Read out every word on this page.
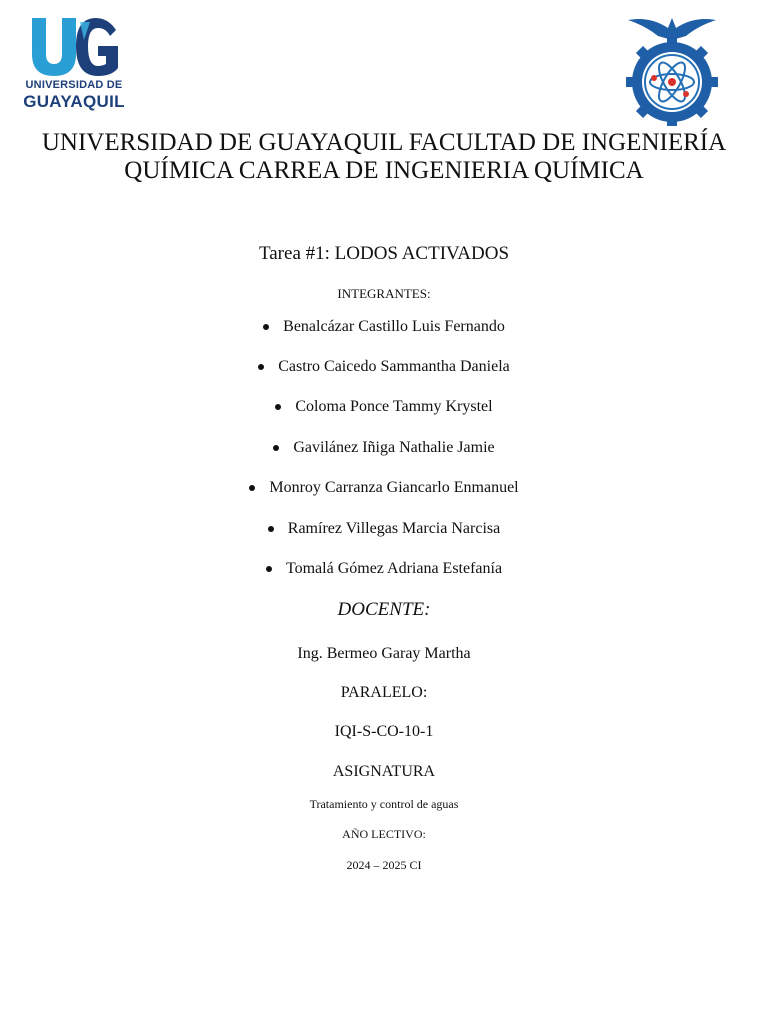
UNIVERSIDAD DE
GUAYAQUIL
UNIVERSIDAD DE GUAYAQUIL FACULTAD DE INGENIERÍA QUÍMICA CARREA DE INGENIERIA QUÍMICA
Tarea #1: LODOS ACTIVADOS
INTEGRANTES:
Benalcázar Castillo Luis Fernando
Castro Caicedo Sammantha Daniela
Coloma Ponce Tammy Krystel
Gavilánez Iñiga Nathalie Jamie
Monroy Carranza Giancarlo Enmanuel
Ramírez Villegas Marcia Narcisa
Tomalá Gómez Adriana Estefanía
DOCENTE:
Ing. Bermeo Garay Martha
PARALELO:
IQI-S-CO-10-1
ASIGNATURA
Tratamiento y control de aguas
AÑO LECTIVO:
2024 – 2025 CI
